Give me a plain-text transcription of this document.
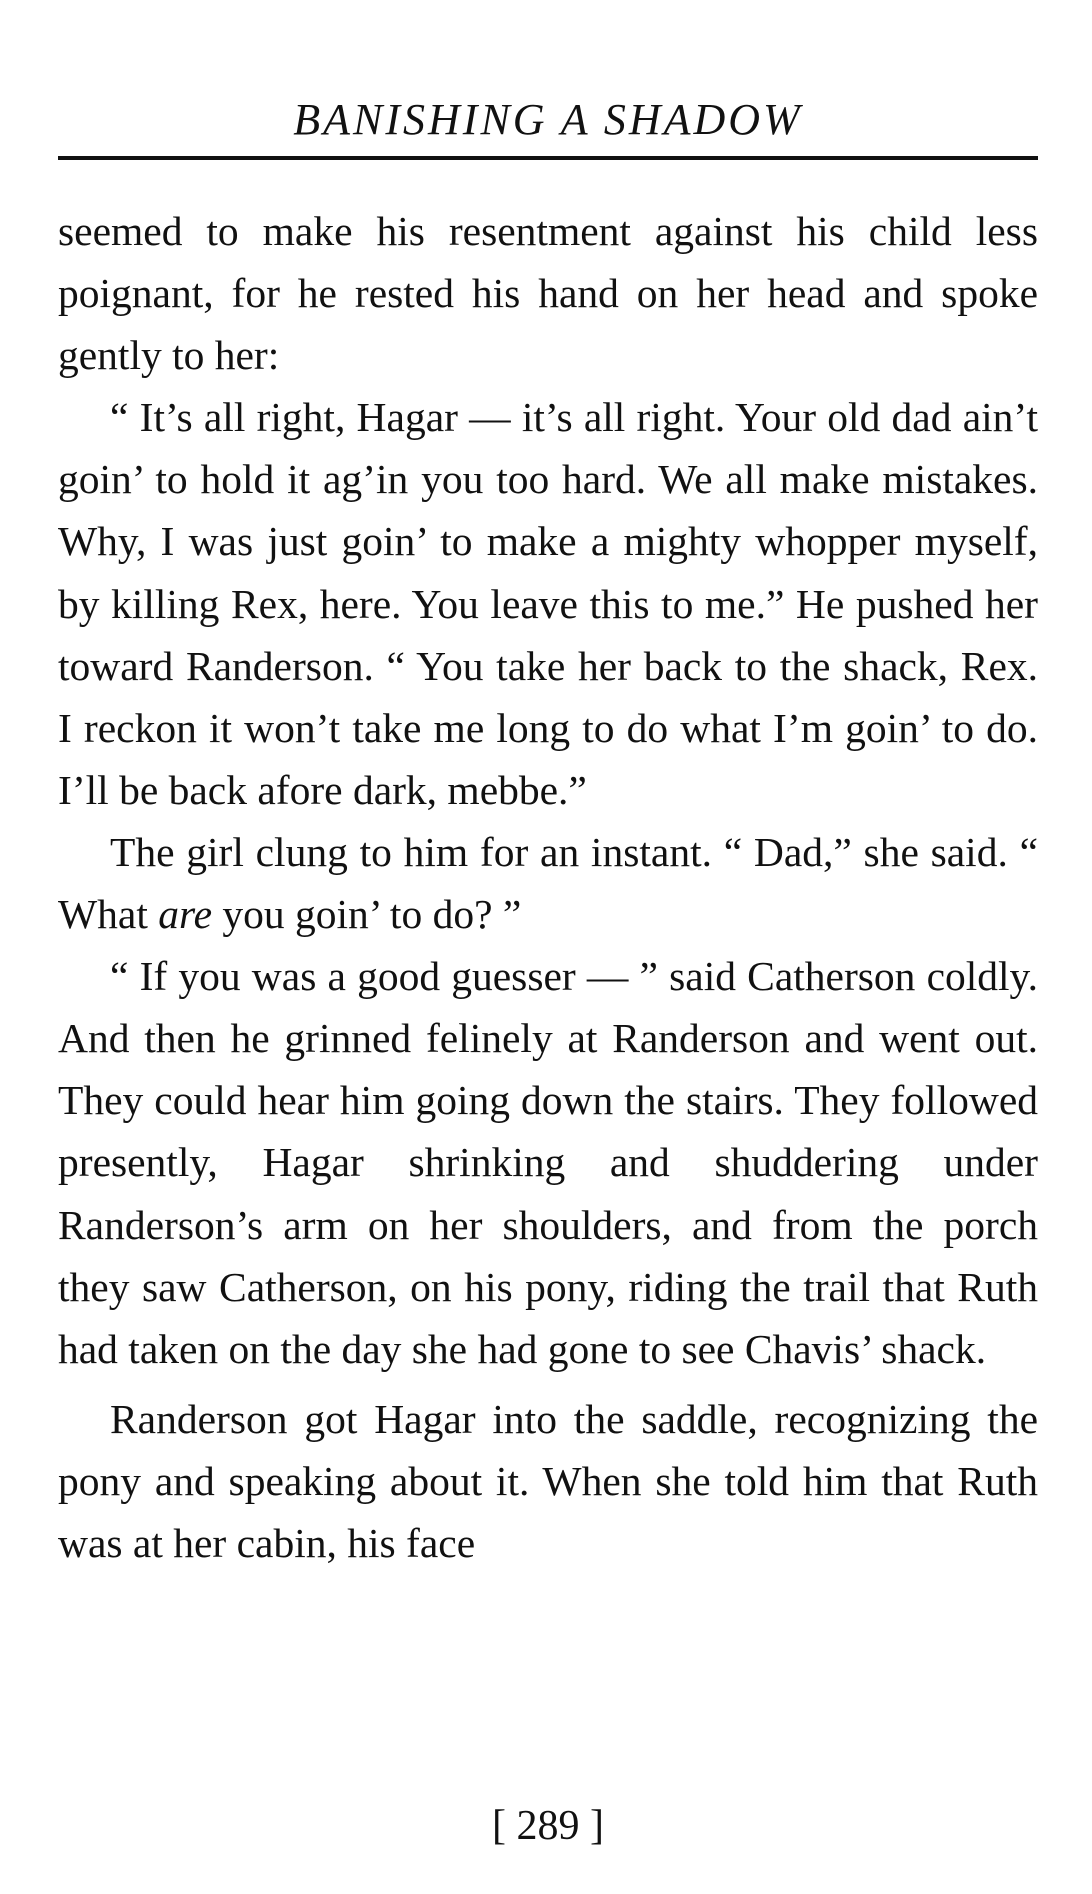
BANISHING A SHADOW

seemed to make his resentment against his child less poignant, for he rested his hand on her head and spoke gently to her:

“ It’s all right, Hagar — it’s all right. Your old dad ain’t goin’ to hold it ag’in you too hard. We all make mistakes. Why, I was just goin’ to make a mighty whopper myself, by killing Rex, here. You leave this to me.” He pushed her toward Randerson. “ You take her back to the shack, Rex. I reckon it won’t take me long to do what I’m goin’ to do. I’ll be back afore dark, mebbe.”

The girl clung to him for an instant. “ Dad,” she said. “ What are you goin’ to do? ”

“ If you was a good guesser — ” said Catherson coldly. And then he grinned felinely at Randerson and went out. They could hear him going down the stairs. They followed presently, Hagar shrinking and shuddering under Randerson’s arm on her shoulders, and from the porch they saw Catherson, on his pony, riding the trail that Ruth had taken on the day she had gone to see Chavis’ shack.

Randerson got Hagar into the saddle, recognizing the pony and speaking about it. When she told him that Ruth was at her cabin, his face

[ 289 ]
